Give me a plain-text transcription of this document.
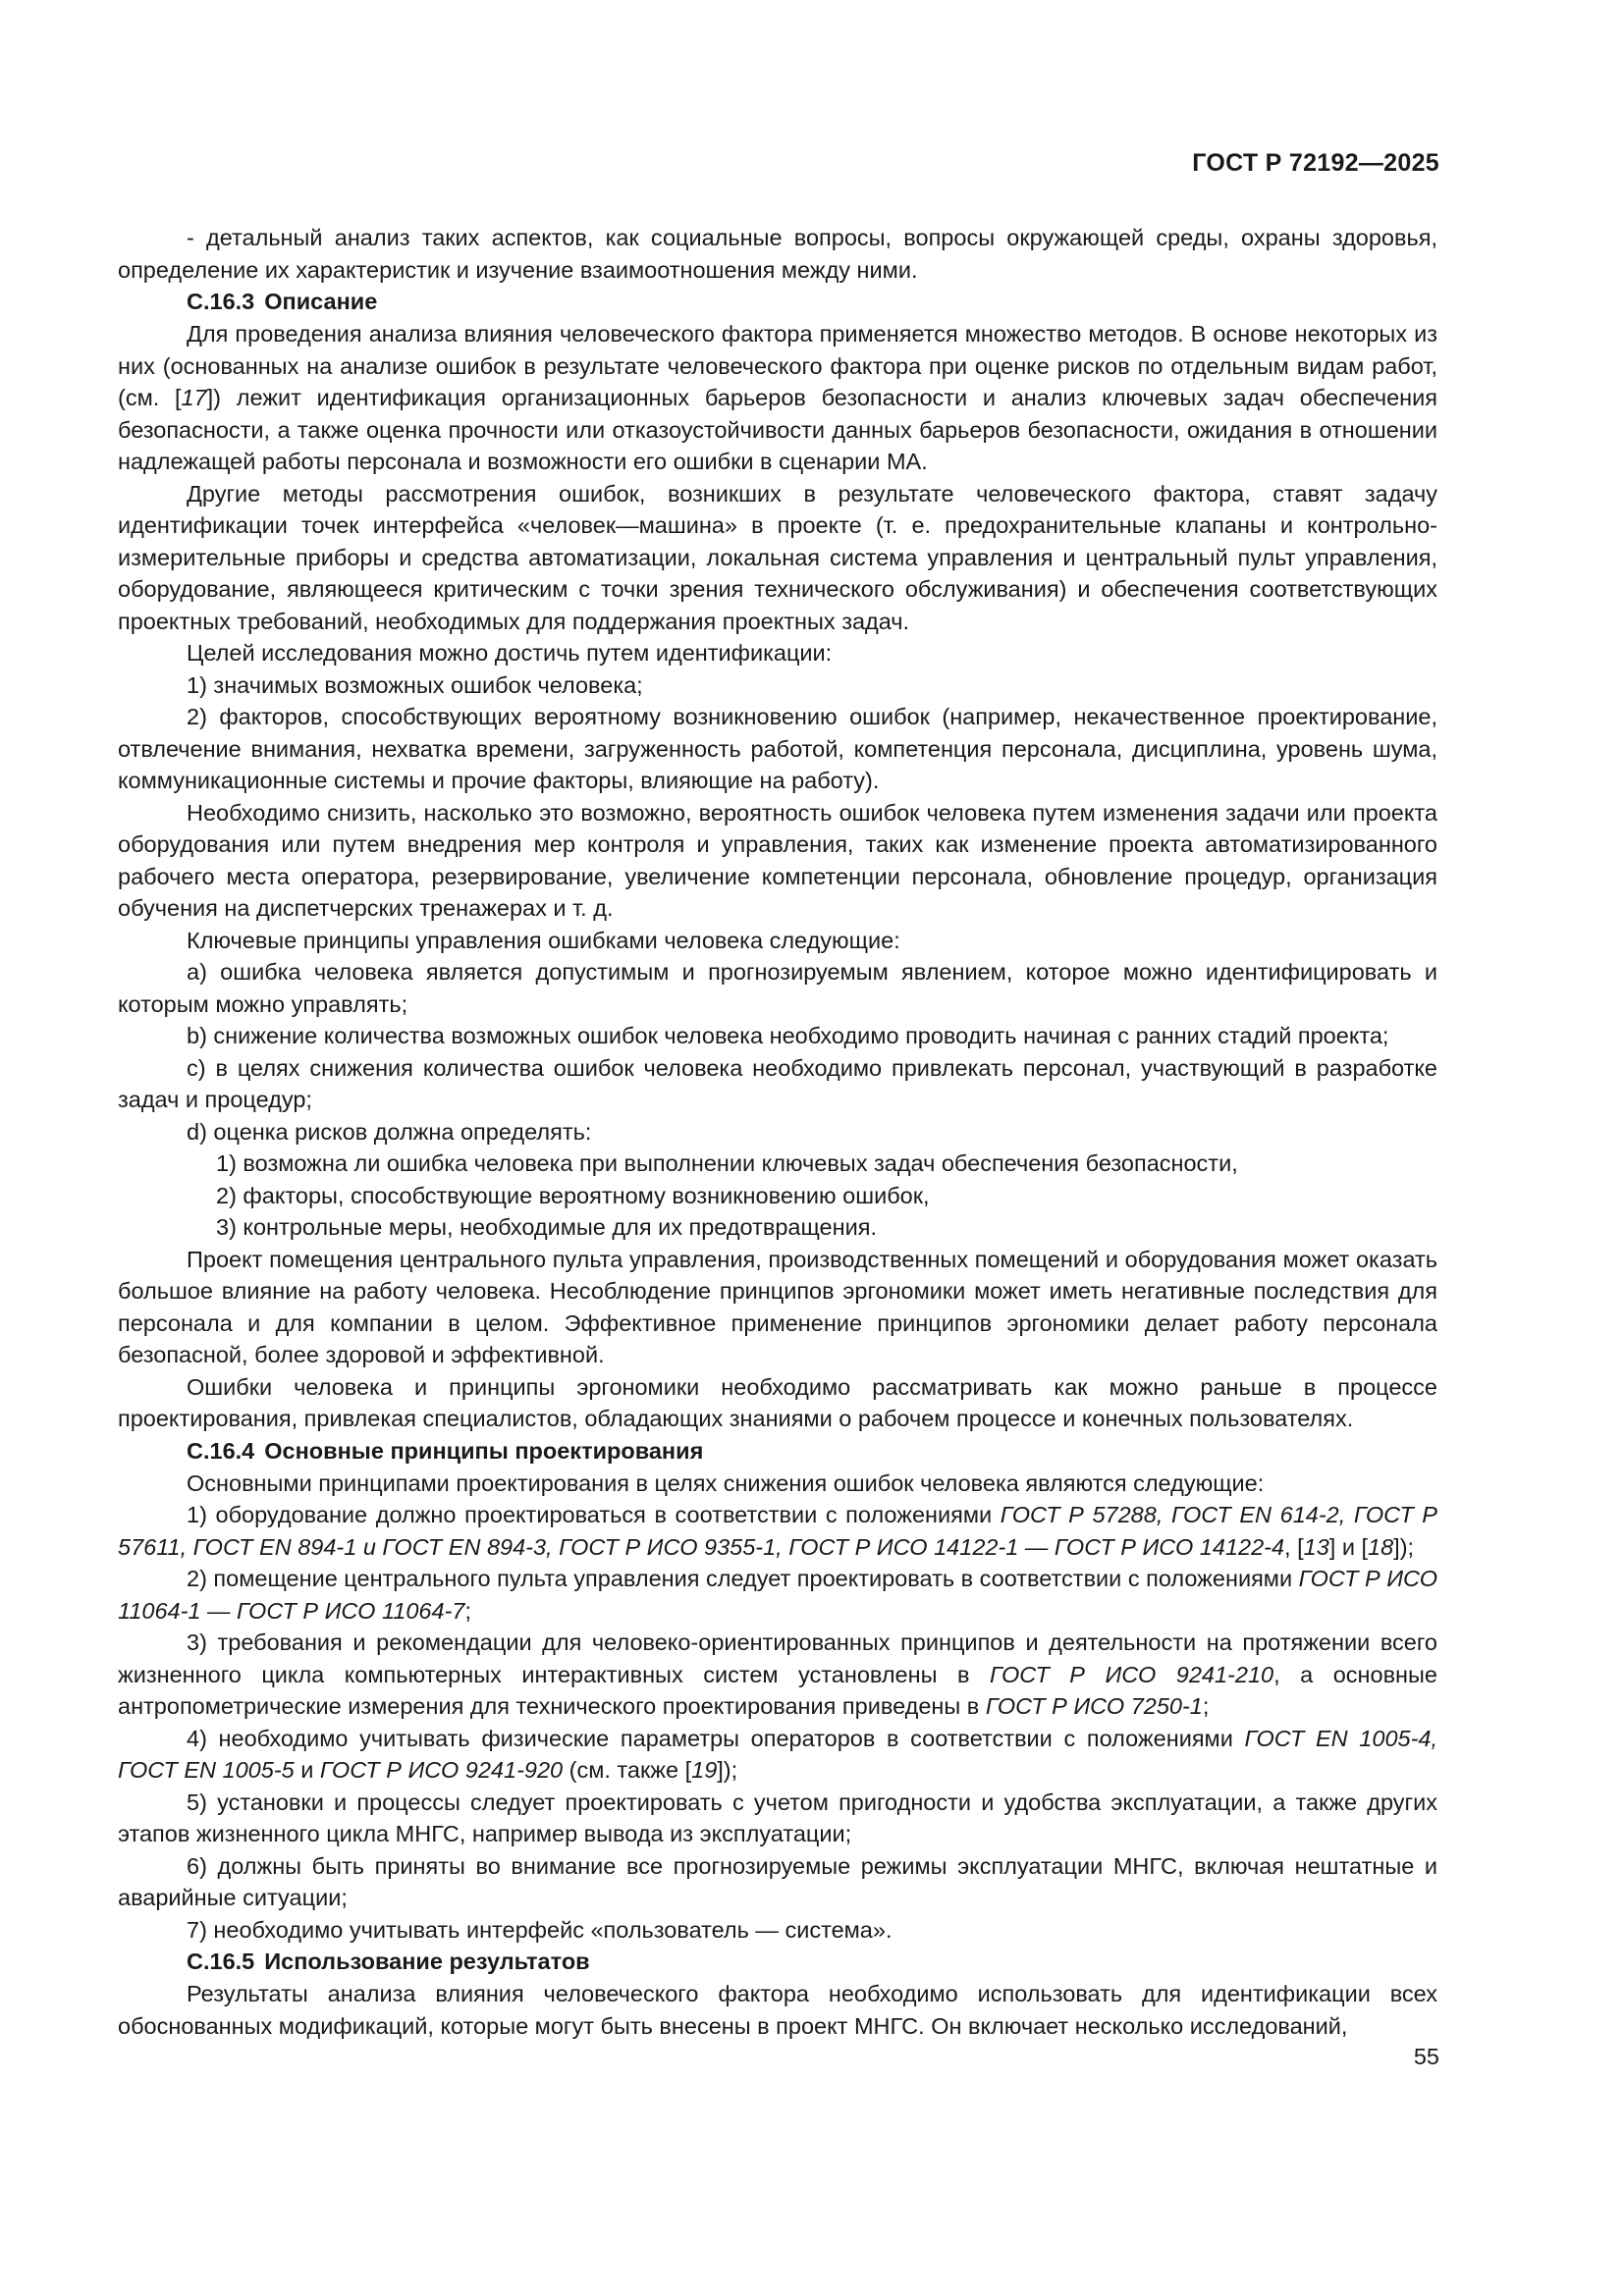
ГОСТ Р 72192—2025

- детальный анализ таких аспектов, как социальные вопросы, вопросы окружающей среды, охраны здоровья, определение их характеристик и изучение взаимоотношения между ними.

С.16.3 Описание

Для проведения анализа влияния человеческого фактора применяется множество методов. В основе некоторых из них (основанных на анализе ошибок в результате человеческого фактора при оценке рисков по отдельным видам работ, (см. [17]) лежит идентификация организационных барьеров безопасности и анализ ключевых задач обеспечения безопасности, а также оценка прочности или отказоустойчивости данных барьеров безопасности, ожидания в отношении надлежащей работы персонала и возможности его ошибки в сценарии МА.

Другие методы рассмотрения ошибок, возникших в результате человеческого фактора, ставят задачу идентификации точек интерфейса «человек—машина» в проекте (т. е. предохранительные клапаны и контрольно-измерительные приборы и средства автоматизации, локальная система управления и центральный пульт управления, оборудование, являющееся критическим с точки зрения технического обслуживания) и обеспечения соответствующих проектных требований, необходимых для поддержания проектных задач.

Целей исследования можно достичь путем идентификации:

1) значимых возможных ошибок человека;

2) факторов, способствующих вероятному возникновению ошибок (например, некачественное проектирование, отвлечение внимания, нехватка времени, загруженность работой, компетенция персонала, дисциплина, уровень шума, коммуникационные системы и прочие факторы, влияющие на работу).

Необходимо снизить, насколько это возможно, вероятность ошибок человека путем изменения задачи или проекта оборудования или путем внедрения мер контроля и управления, таких как изменение проекта автоматизированного рабочего места оператора, резервирование, увеличение компетенции персонала, обновление процедур, организация обучения на диспетчерских тренажерах и т. д.

Ключевые принципы управления ошибками человека следующие:

a) ошибка человека является допустимым и прогнозируемым явлением, которое можно идентифицировать и которым можно управлять;

b) снижение количества возможных ошибок человека необходимо проводить начиная с ранних стадий проекта;

c) в целях снижения количества ошибок человека необходимо привлекать персонал, участвующий в разработке задач и процедур;

d) оценка рисков должна определять:

1) возможна ли ошибка человека при выполнении ключевых задач обеспечения безопасности,

2) факторы, способствующие вероятному возникновению ошибок,

3) контрольные меры, необходимые для их предотвращения.

Проект помещения центрального пульта управления, производственных помещений и оборудования может оказать большое влияние на работу человека. Несоблюдение принципов эргономики может иметь негативные последствия для персонала и для компании в целом. Эффективное применение принципов эргономики делает работу персонала безопасной, более здоровой и эффективной.

Ошибки человека и принципы эргономики необходимо рассматривать как можно раньше в процессе проектирования, привлекая специалистов, обладающих знаниями о рабочем процессе и конечных пользователях.

С.16.4 Основные принципы проектирования

Основными принципами проектирования в целях снижения ошибок человека являются следующие:

1) оборудование должно проектироваться в соответствии с положениями ГОСТ Р 57288, ГОСТ EN 614-2, ГОСТ Р 57611, ГОСТ EN 894-1 и ГОСТ EN 894-3, ГОСТ Р ИСО 9355-1, ГОСТ Р ИСО 14122-1 — ГОСТ Р ИСО 14122-4, [13] и [18]);

2) помещение центрального пульта управления следует проектировать в соответствии с положениями ГОСТ Р ИСО 11064-1 — ГОСТ Р ИСО 11064-7;

3) требования и рекомендации для человеко-ориентированных принципов и деятельности на протяжении всего жизненного цикла компьютерных интерактивных систем установлены в ГОСТ Р ИСО 9241-210, а основные антропометрические измерения для технического проектирования приведены в ГОСТ Р ИСО 7250-1;

4) необходимо учитывать физические параметры операторов в соответствии с положениями ГОСТ EN 1005-4, ГОСТ EN 1005-5 и ГОСТ Р ИСО 9241-920 (см. также [19]);

5) установки и процессы следует проектировать с учетом пригодности и удобства эксплуатации, а также других этапов жизненного цикла МНГС, например вывода из эксплуатации;

6) должны быть приняты во внимание все прогнозируемые режимы эксплуатации МНГС, включая нештатные и аварийные ситуации;

7) необходимо учитывать интерфейс «пользователь — система».

С.16.5 Использование результатов

Результаты анализа влияния человеческого фактора необходимо использовать для идентификации всех обоснованных модификаций, которые могут быть внесены в проект МНГС. Он включает несколько исследований,

55
